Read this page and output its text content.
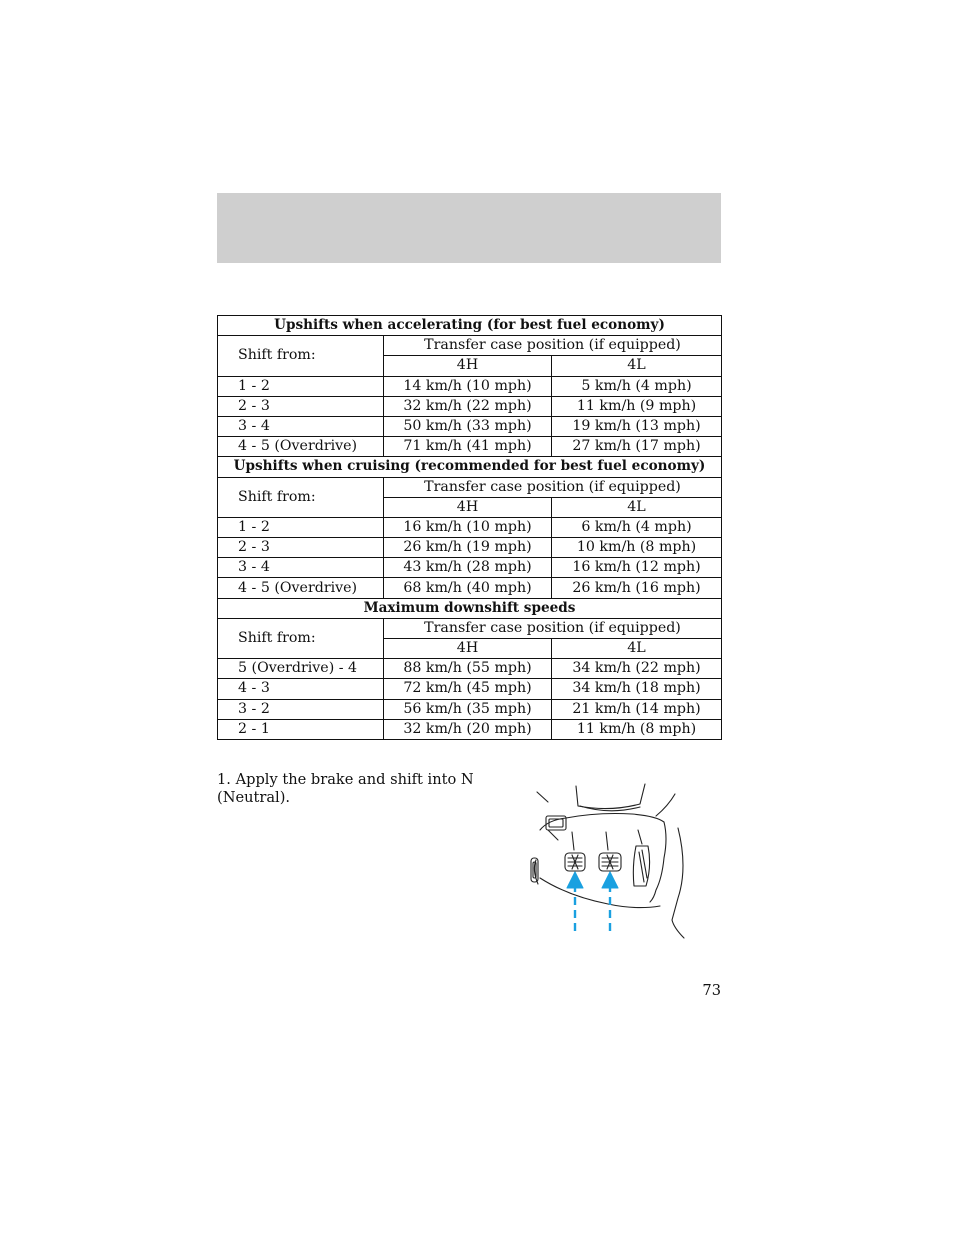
Upshifts when accelerating (for best fuel economy)		
Shift from:	Transfer case position (if equipped)	
	4H	4L
1 - 2	14 km/h (10 mph)	5 km/h (4 mph)
2 - 3	32 km/h (22 mph)	11 km/h (9 mph)
3 - 4	50 km/h (33 mph)	19 km/h (13 mph)
4 - 5 (Overdrive)	71 km/h (41 mph)	27 km/h (17 mph)
Upshifts when cruising (recommended for best fuel economy)		
Shift from:	Transfer case position (if equipped)	
	4H	4L
1 - 2	16 km/h (10 mph)	6 km/h (4 mph)
2 - 3	26 km/h (19 mph)	10 km/h (8 mph)
3 - 4	43 km/h (28 mph)	16 km/h (12 mph)
4 - 5 (Overdrive)	68 km/h (40 mph)	26 km/h (16 mph)
Maximum downshift speeds		
Shift from:	Transfer case position (if equipped)	
	4H	4L
5 (Overdrive) - 4	88 km/h (55 mph)	34 km/h (22 mph)
4 - 3	72 km/h (45 mph)	34 km/h (18 mph)
3 - 2	56 km/h (35 mph)	21 km/h (14 mph)
2 - 1	32 km/h (20 mph)	11 km/h (8 mph)
1. Apply the brake and shift into N (Neutral).
73
